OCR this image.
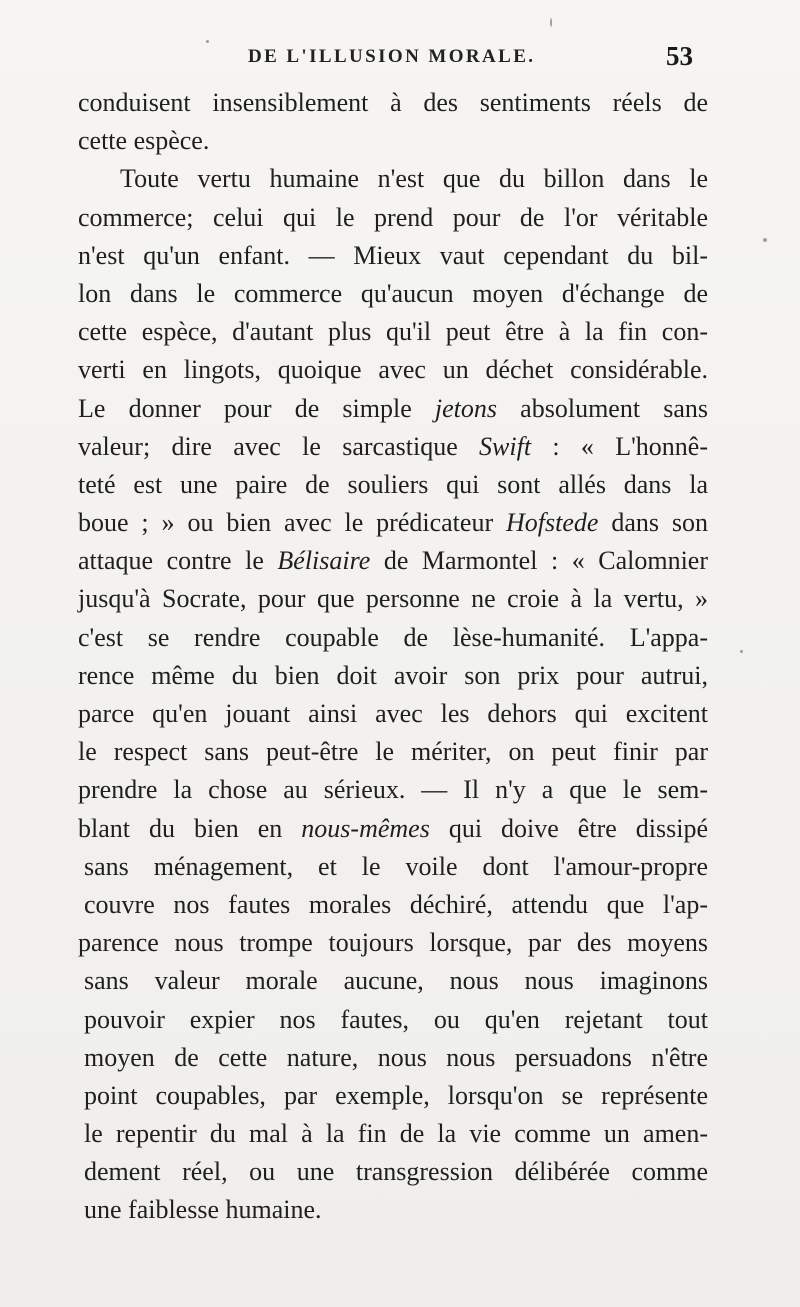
DE L'ILLUSION MORALE.	53
conduisent insensiblement à des sentiments réels de
cette espèce.
Toute vertu humaine n'est que du billon dans le
commerce; celui qui le prend pour de l'or véritable
n'est qu'un enfant. — Mieux vaut cependant du bil-
lon dans le commerce qu'aucun moyen d'échange de
cette espèce, d'autant plus qu'il peut être à la fin con-
verti en lingots, quoique avec un déchet considérable.
Le donner pour de simple jetons absolument sans
valeur; dire avec le sarcastique Swift : « L'honnê-
teté est une paire de souliers qui sont allés dans la
boue ; » ou bien avec le prédicateur Hofstede dans son
attaque contre le Bélisaire de Marmontel : « Calomnier
jusqu'à Socrate, pour que personne ne croie à la vertu, »
c'est se rendre coupable de lèse-humanité. L'appa-
rence même du bien doit avoir son prix pour autrui,
parce qu'en jouant ainsi avec les dehors qui excitent
le respect sans peut-être le mériter, on peut finir par
prendre la chose au sérieux. — Il n'y a que le sem-
blant du bien en nous-mêmes qui doive être dissipé
sans ménagement, et le voile dont l'amour-propre
couvre nos fautes morales déchiré, attendu que l'ap-
parence nous trompe toujours lorsque, par des moyens
sans valeur morale aucune, nous nous imaginons
pouvoir expier nos fautes, ou qu'en rejetant tout
moyen de cette nature, nous nous persuadons n'être
point coupables, par exemple, lorsqu'on se représente
le repentir du mal à la fin de la vie comme un amen-
dement réel, ou une transgression délibérée comme
une faiblesse humaine.
